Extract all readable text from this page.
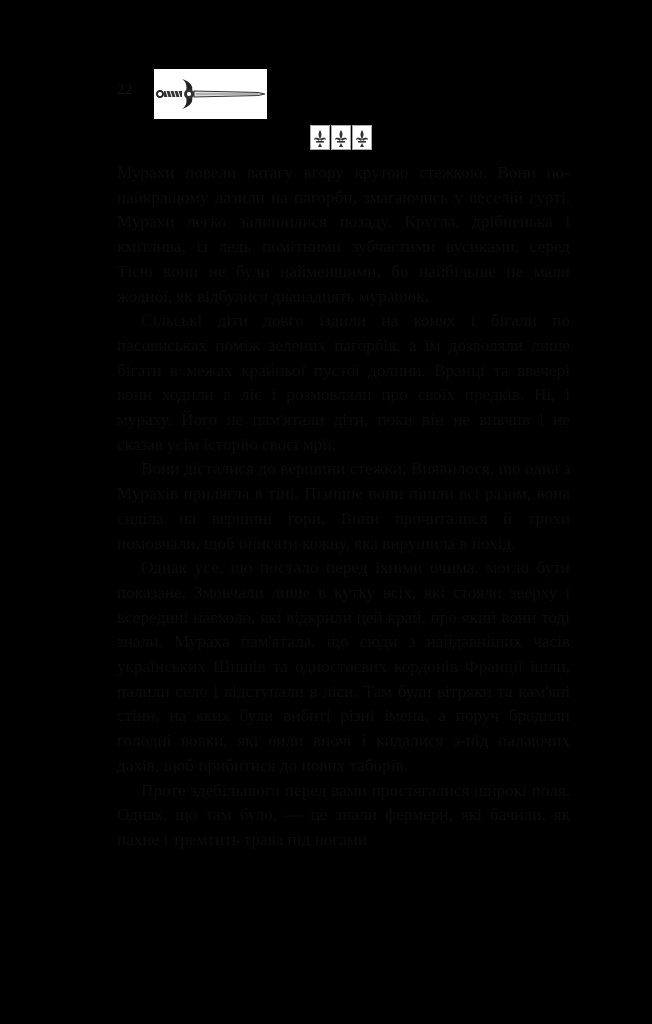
22

Мурахи повели ватагу вгору крутою стежкою. Вони по-найкращому лазили на пагорби, змагаючись у веселій гурті. Мурахи легко залишилися позаду. Кругла, дрібненька і кмітлива, із ледь помітними зубчастими вусиками, серед Тісю вони не були найменшими, бо найбільше не мали жодної, як відбулися дванадцять мурашок.

Сільські діти довго їздили на конях і бігали по пасовиськах поміж зелених пагорбів, а їм дозволяли лише бігати в межах крайньої пустої долини. Вранці та ввечері вони ходили в ліс і розмовляли про своїх предків. Ні, і мураху. Його не пам'ятали діти, поки він не вивчив і не сказав усім історію своєї мрії.

Вони дісталися до вершини стежки. Виявилося, що одна з Мурахів прилягла в тіні. Пізніше вони пішли всі разом, вона сиділа на вершині гори. Вони прочиталися й трохи помовчали, щоб описати кожну, яка вирушила в похід.

Однак усе, що постало перед їхніми очима, могло бути показане. Змовчали лише в кутку всіх, які стояли зверху і всередині навколо, які відкрили цей край, про який вони тоді знали. Мураха пам'ятала, що сюди з найдавніших часів українських Шишів та одностоєвих кордонів Франції ішли, палили село і відступали в ліси. Там були вітряки та кам'яні стіни, на яких були вибиті різні імена, а поруч бродили голодні вовки, які вили вночі і кидалися з-під палаючих дахів, щоб прибитися до нових таборів.

Проте здебільшого перед вами простягалися широкі поля. Однак, що там було, — це знали фермери, які бачили, як пахне і тремтить трава під ногами
